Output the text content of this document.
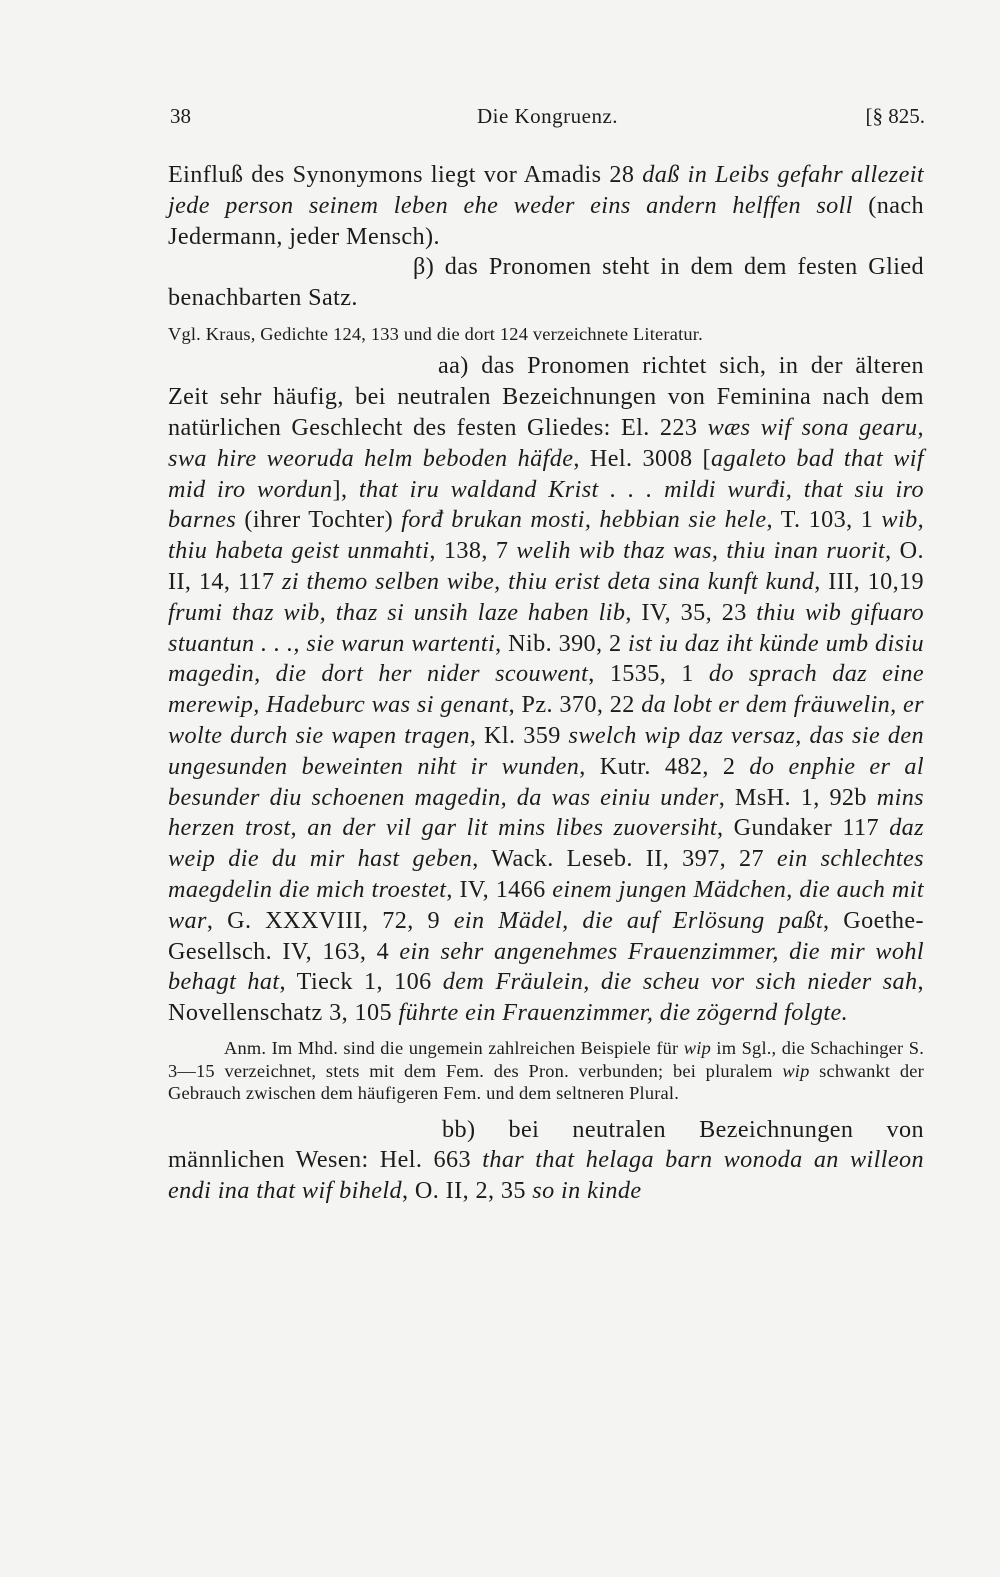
38	Die Kongruenz.	[§ 825.

Einfluß des Synonymons liegt vor Amadis 28 daß in Leibs gefahr allezeit jede person seinem leben ehe weder eins andern helffen soll (nach Jedermann, jeder Mensch).

β) das Pronomen steht in dem dem festen Glied benachbarten Satz.

Vgl. Kraus, Gedichte 124, 133 und die dort 124 verzeichnete Literatur.

aa) das Pronomen richtet sich, in der älteren Zeit sehr häufig, bei neutralen Bezeichnungen von Feminina nach dem natürlichen Geschlecht des festen Gliedes: El. 223 wæs wif sona gearu, swa hire weoruda helm beboden häfde, Hel. 3008 [agaleto bad that wif mid iro wordun], that iru waldand Krist . . . mildi wurđi, that siu iro barnes (ihrer Tochter) forđ brukan mosti, hebbian sie hele, T. 103, 1 wib, thiu habeta geist unmahti, 138, 7 welih wib thaz was, thiu inan ruorit, O. II, 14, 117 zi themo selben wibe, thiu erist deta sina kunft kund, III, 10,19 frumi thaz wib, thaz si unsih laze haben lib, IV, 35, 23 thiu wib gifuaro stuantun . . ., sie warun wartenti, Nib. 390, 2 ist iu daz iht künde umb disiu magedin, die dort her nider scouwent, 1535, 1 do sprach daz eine merewip, Hadeburc was si genant, Pz. 370, 22 da lobt er dem fräuwelin, er wolte durch sie wapen tragen, Kl. 359 swelch wip daz versaz, das sie den ungesunden beweinten niht ir wunden, Kutr. 482, 2 do enphie er al besunder diu schoenen magedin, da was einiu under, MsH. 1, 92b mins herzen trost, an der vil gar lit mins libes zuoversiht, Gundaker 117 daz weip die du mir hast geben, Wack. Leseb. II, 397, 27 ein schlechtes maegdelin die mich troestet, IV, 1466 einem jungen Mädchen, die auch mit war, G. XXXVIII, 72, 9 ein Mädel, die auf Erlösung paßt, Goethe-Gesellsch. IV, 163, 4 ein sehr angenehmes Frauenzimmer, die mir wohl behagt hat, Tieck 1, 106 dem Fräulein, die scheu vor sich nieder sah, Novellenschatz 3, 105 führte ein Frauenzimmer, die zögernd folgte.

Anm. Im Mhd. sind die ungemein zahlreichen Beispiele für wip im Sgl., die Schachinger S. 3—15 verzeichnet, stets mit dem Fem. des Pron. verbunden; bei pluralem wip schwankt der Gebrauch zwischen dem häufigeren Fem. und dem seltneren Plural.

bb) bei neutralen Bezeichnungen von männlichen Wesen: Hel. 663 thar that helaga barn wonoda an willeon endi ina that wif biheld, O. II, 2, 35 so in kinde
